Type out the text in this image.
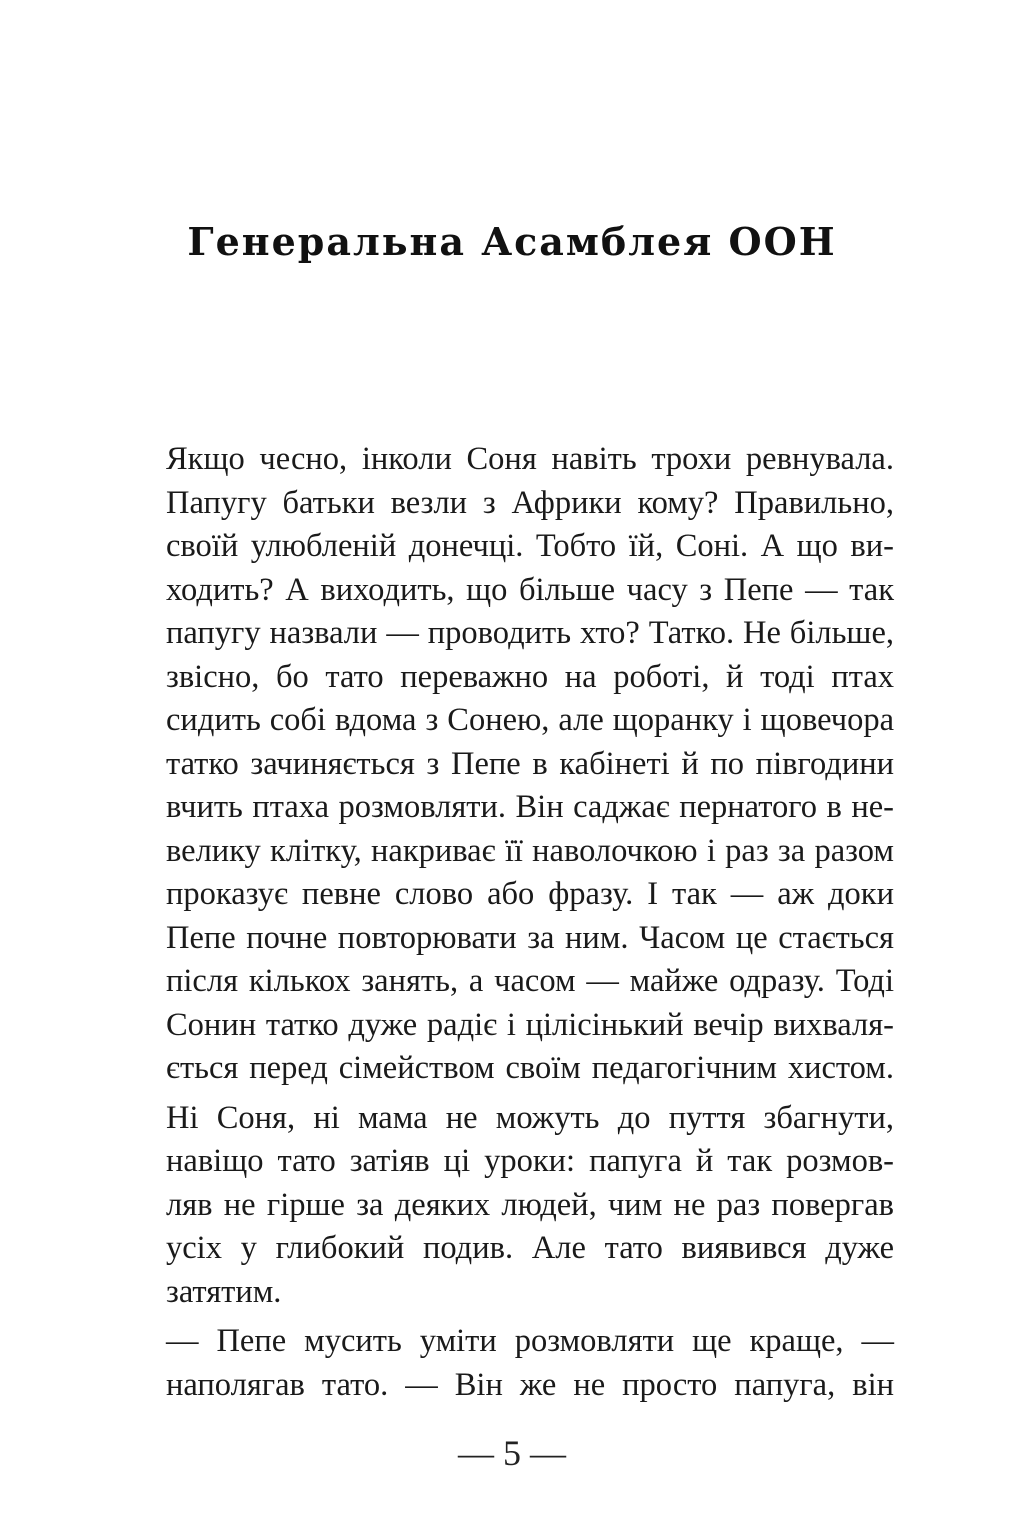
Генеральна Асамблея ООН
Якщо чесно, інколи Соня навіть трохи ревнувала.
Папугу батьки везли з Африки кому? Правильно,
своїй улюбленій донечці. Тобто їй, Соні. А що ви-
ходить? А виходить, що більше часу з Пепе — так
папугу назвали — проводить хто? Татко. Не більше,
звісно, бо тато переважно на роботі, й тоді птах
сидить собі вдома з Сонею, але щоранку і щовечора
татко зачиняється з Пепе в кабінеті й по півгодини
вчить птаха розмовляти. Він саджає пернатого в не-
велику клітку, накриває її наволочкою і раз за разом
проказує певне слово або фразу. І так — аж доки
Пепе почне повторювати за ним. Часом це стається
після кількох занять, а часом — майже одразу. Тоді
Сонин татко дуже радіє і цілісінький вечір вихваля-
ється перед сімейством своїм педагогічним хистом.
Ні Соня, ні мама не можуть до пуття збагнути,
навіщо тато затіяв ці уроки: папуга й так розмов-
ляв не гірше за деяких людей, чим не раз повергав
усіх у глибокий подив. Але тато виявився дуже
затятим.
— Пепе мусить уміти розмовляти ще краще, —
наполягав тато. — Він же не просто папуга, він
— 5 —
